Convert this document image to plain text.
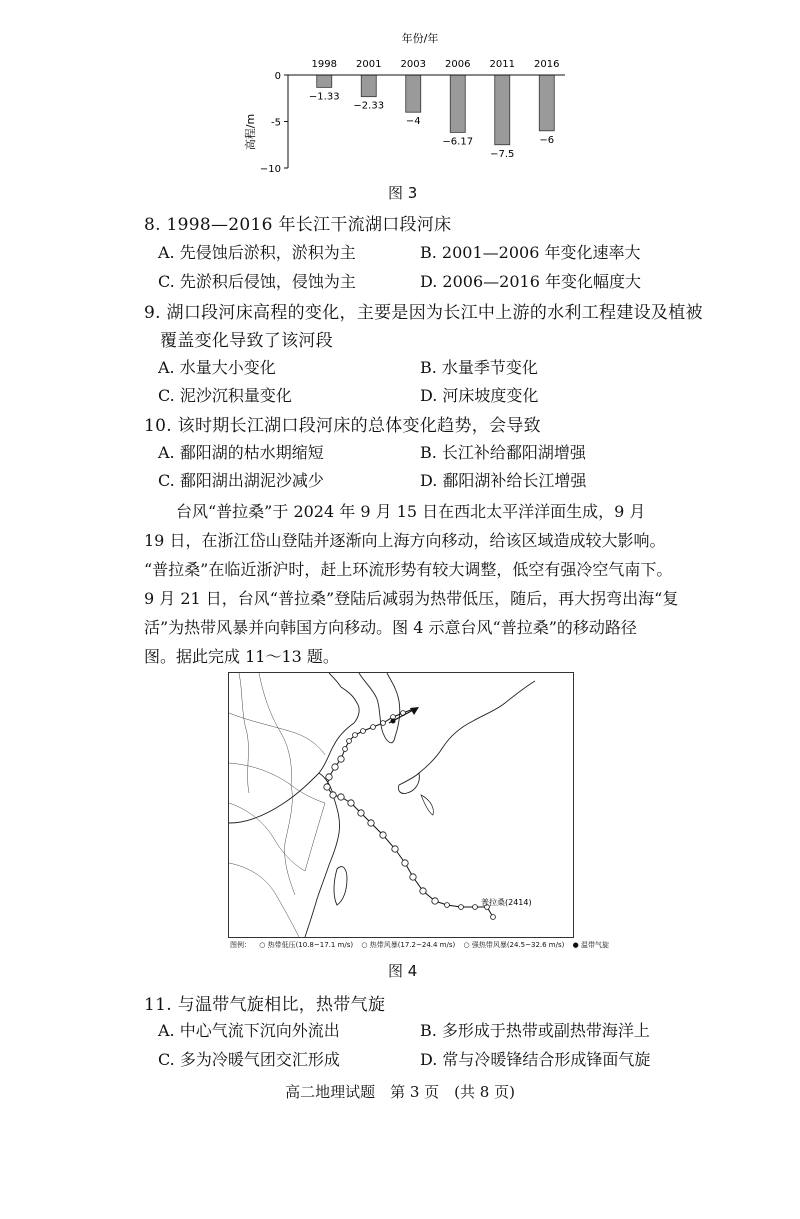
年份/年
0
-5
−10
−1.33
−2.33
−4
−6.17
−7.5
−6
1998 2001 2003 2006 2011 2016
高程/m
图 3
8. 1998—2016 年长江干流湖口段河床
A. 先侵蚀后淤积，淤积为主	B. 2001—2006 年变化速率大
C. 先淤积后侵蚀，侵蚀为主	D. 2006—2016 年变化幅度大
9. 湖口段河床高程的变化，主要是因为长江中上游的水利工程建设及植被
覆盖变化导致了该河段
A. 水量大小变化	B. 水量季节变化
C. 泥沙沉积量变化	D. 河床坡度变化
10. 该时期长江湖口段河床的总体变化趋势，会导致
A. 鄱阳湖的枯水期缩短	B. 长江补给鄱阳湖增强
C. 鄱阳湖出湖泥沙减少	D. 鄱阳湖补给长江增强

台风“普拉桑”于 2024 年 9 月 15 日在西北太平洋洋面生成，9 月

19 日，在浙江岱山登陆并逐渐向上海方向移动，给该区域造成较大影响。

“普拉桑”在临近浙沪时，赶上环流形势有较大调整，低空有强冷空气南下。

9 月 21 日，台风“普拉桑”登陆后减弱为热带低压，随后，再大拐弯出海“复

活”为热带风暴并向韩国方向移动。图 4 示意台风“普拉桑”的移动路径

图。据此完成 11～13 题。

普拉桑(2414)
图例： ○ 热带低压(10.8~17.1 m/s) ○ 热带风暴(17.2~24.4 m/s) ○ 强热带风暴(24.5~32.6 m/s) ● 温带气旋
图 4
11. 与温带气旋相比，热带气旋
A. 中心气流下沉向外流出	B. 多形成于热带或副热带海洋上
C. 多为冷暖气团交汇形成	D. 常与冷暖锋结合形成锋面气旋
高二地理试题　第 3 页　(共 8 页)
